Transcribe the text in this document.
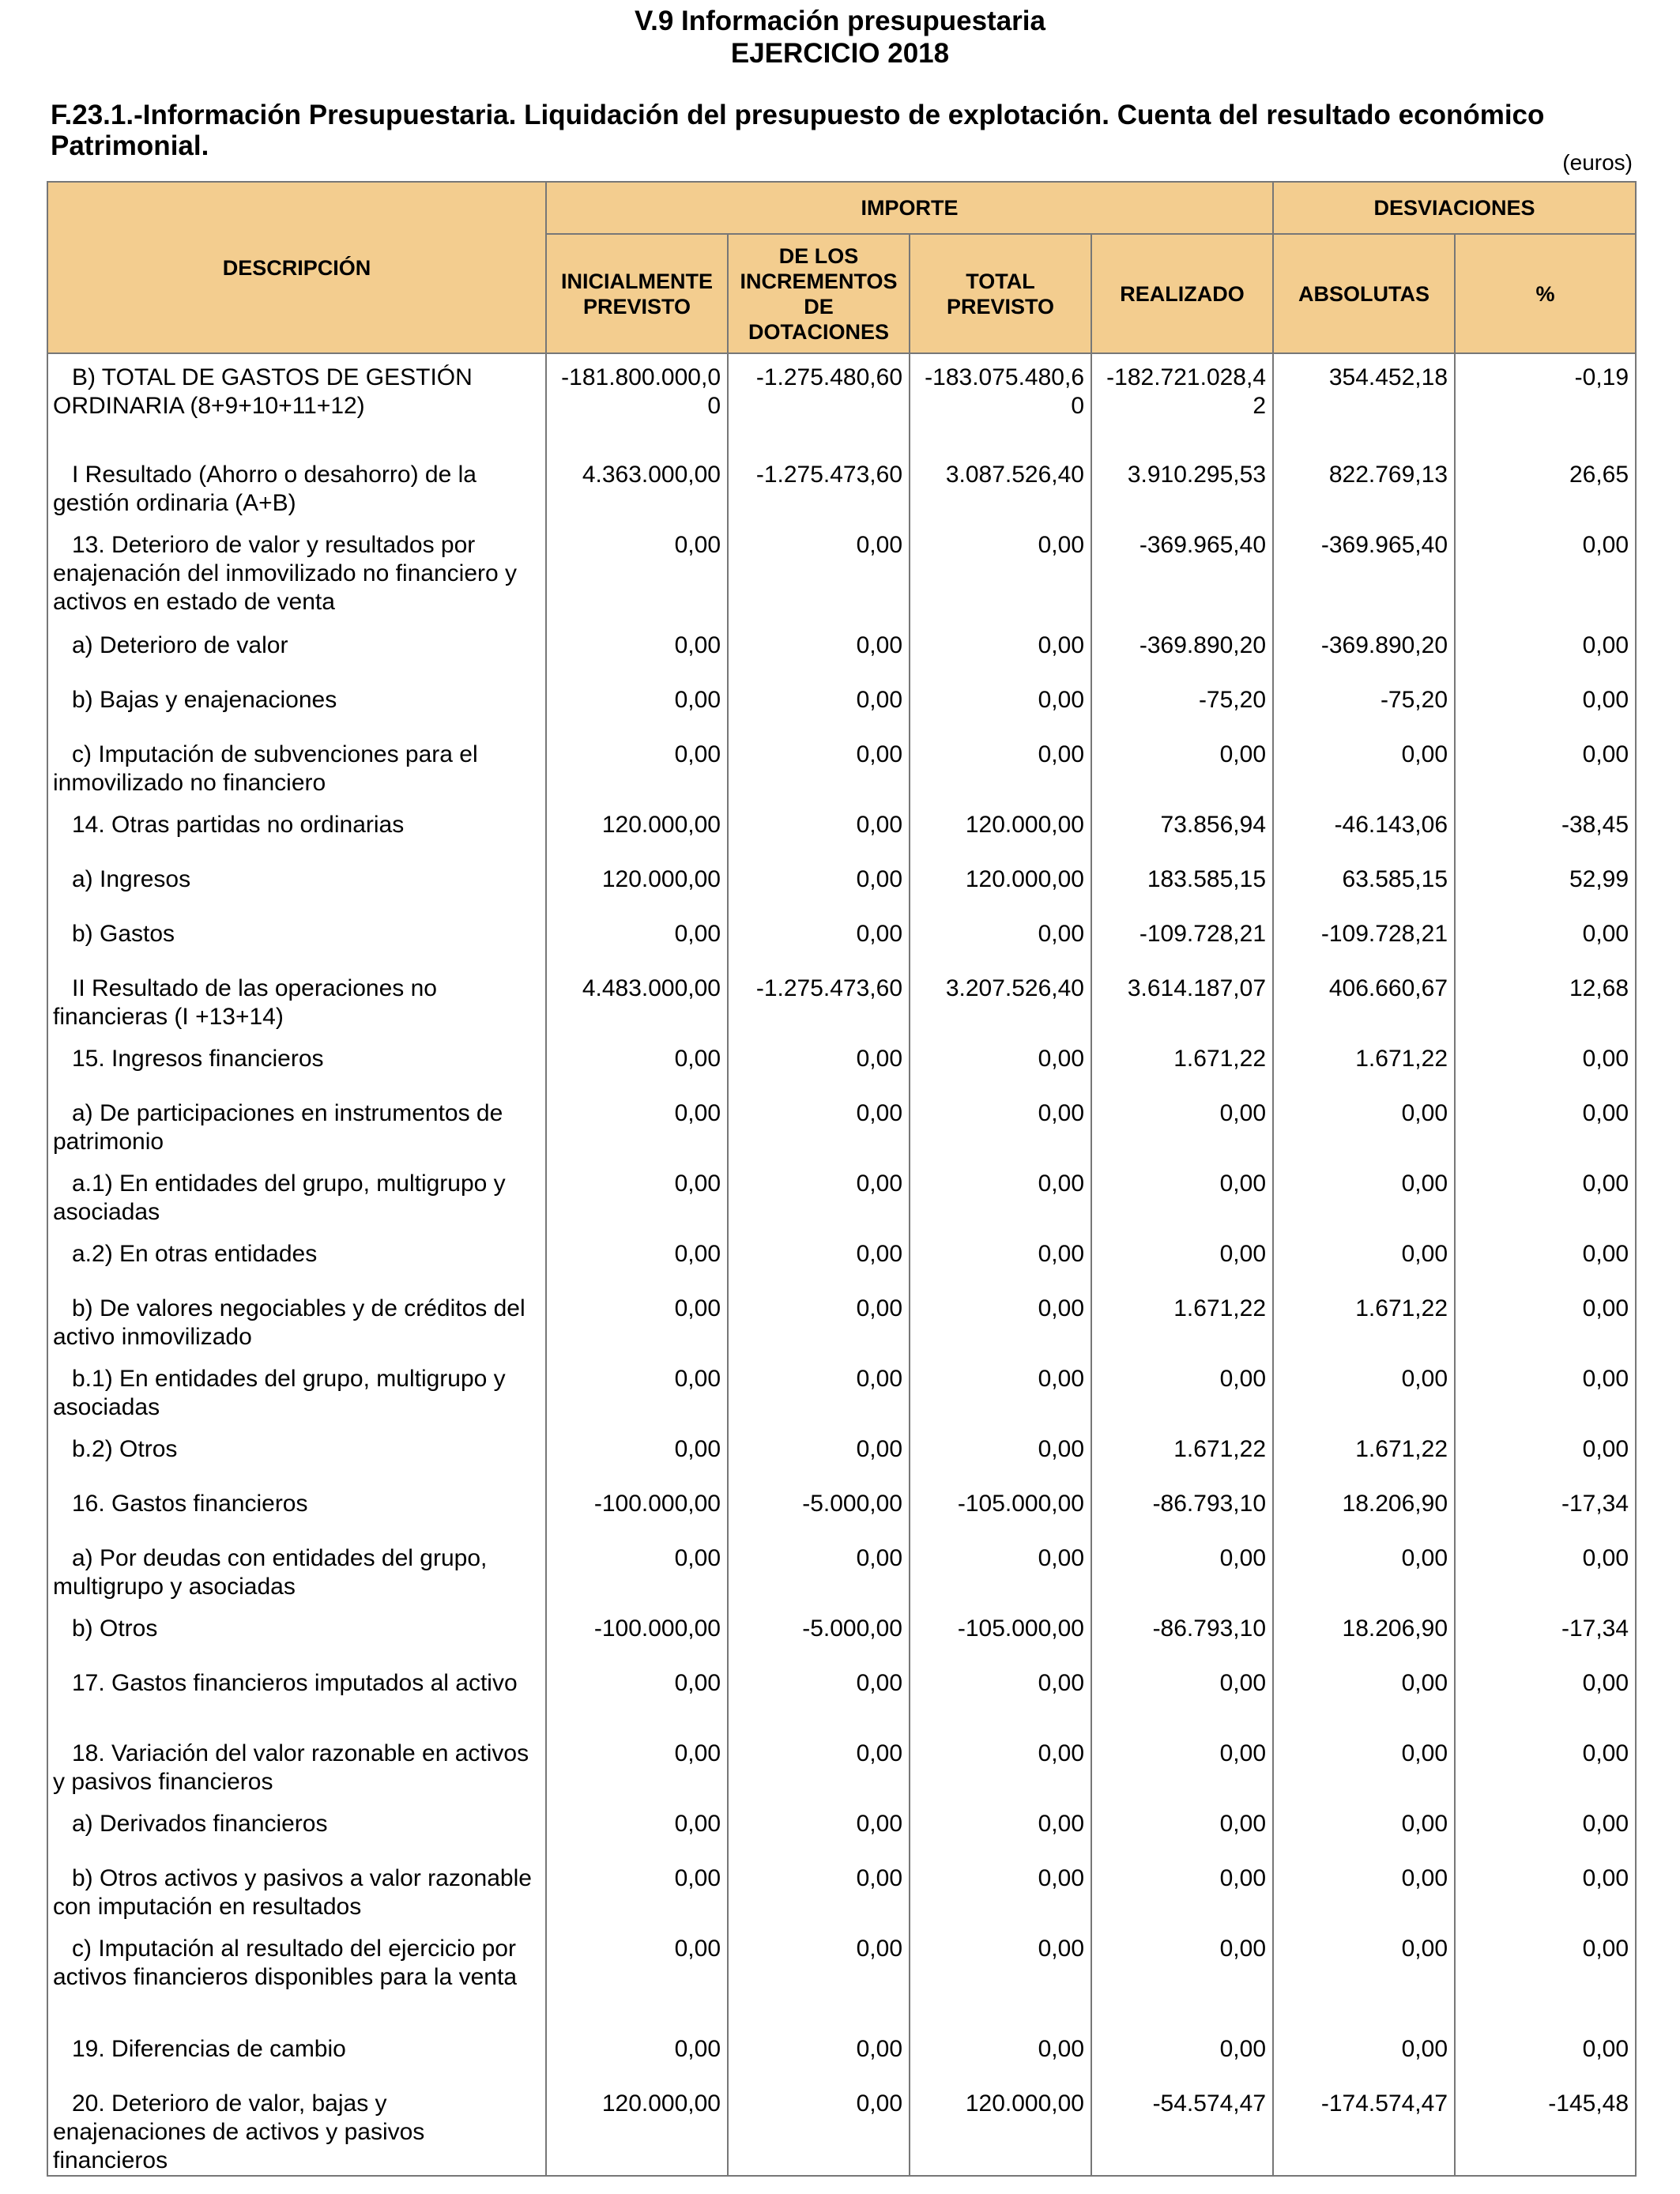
V.9 Información presupuestaria
EJERCICIO 2018
F.23.1.-Información Presupuestaria. Liquidación del presupuesto de explotación. Cuenta del resultado económico Patrimonial.
(euros)
DESCRIPCIÓN	IMPORTE				DESVIACIONES	
	INICIALMENTE PREVISTO	DE LOS INCREMENTOS DE DOTACIONES	TOTAL PREVISTO	REALIZADO	ABSOLUTAS	%
B) TOTAL DE GASTOS DE GESTIÓN ORDINARIA (8+9+10+11+12)	-181.800.000,00	-1.275.480,60	-183.075.480,60	-182.721.028,42	354.452,18	-0,19
I Resultado (Ahorro o desahorro) de la gestión ordinaria (A+B)	4.363.000,00	-1.275.473,60	3.087.526,40	3.910.295,53	822.769,13	26,65
13. Deterioro de valor y resultados por enajenación del inmovilizado no financiero y activos en estado de venta	0,00	0,00	0,00	-369.965,40	-369.965,40	0,00
a) Deterioro de valor	0,00	0,00	0,00	-369.890,20	-369.890,20	0,00
b) Bajas y enajenaciones	0,00	0,00	0,00	-75,20	-75,20	0,00
c) Imputación de subvenciones para el inmovilizado no financiero	0,00	0,00	0,00	0,00	0,00	0,00
14. Otras partidas no ordinarias	120.000,00	0,00	120.000,00	73.856,94	-46.143,06	-38,45
a) Ingresos	120.000,00	0,00	120.000,00	183.585,15	63.585,15	52,99
b) Gastos	0,00	0,00	0,00	-109.728,21	-109.728,21	0,00
II Resultado de las operaciones no financieras (I +13+14)	4.483.000,00	-1.275.473,60	3.207.526,40	3.614.187,07	406.660,67	12,68
15. Ingresos financieros	0,00	0,00	0,00	1.671,22	1.671,22	0,00
a) De participaciones en instrumentos de patrimonio	0,00	0,00	0,00	0,00	0,00	0,00
a.1) En entidades del grupo, multigrupo y asociadas	0,00	0,00	0,00	0,00	0,00	0,00
a.2) En otras entidades	0,00	0,00	0,00	0,00	0,00	0,00
b) De valores negociables y de créditos del activo inmovilizado	0,00	0,00	0,00	1.671,22	1.671,22	0,00
b.1) En entidades del grupo, multigrupo y asociadas	0,00	0,00	0,00	0,00	0,00	0,00
b.2) Otros	0,00	0,00	0,00	1.671,22	1.671,22	0,00
16. Gastos financieros	-100.000,00	-5.000,00	-105.000,00	-86.793,10	18.206,90	-17,34
a) Por deudas con entidades del grupo, multigrupo y asociadas	0,00	0,00	0,00	0,00	0,00	0,00
b) Otros	-100.000,00	-5.000,00	-105.000,00	-86.793,10	18.206,90	-17,34
17. Gastos financieros imputados al activo	0,00	0,00	0,00	0,00	0,00	0,00
18. Variación del valor razonable en activos y pasivos financieros	0,00	0,00	0,00	0,00	0,00	0,00
a) Derivados financieros	0,00	0,00	0,00	0,00	0,00	0,00
b) Otros activos y pasivos a valor razonable con imputación en resultados	0,00	0,00	0,00	0,00	0,00	0,00
c) Imputación al resultado del ejercicio por activos financieros disponibles para la venta	0,00	0,00	0,00	0,00	0,00	0,00
19. Diferencias de cambio	0,00	0,00	0,00	0,00	0,00	0,00
20. Deterioro de valor, bajas y enajenaciones de activos y pasivos financieros	120.000,00	0,00	120.000,00	-54.574,47	-174.574,47	-145,48
